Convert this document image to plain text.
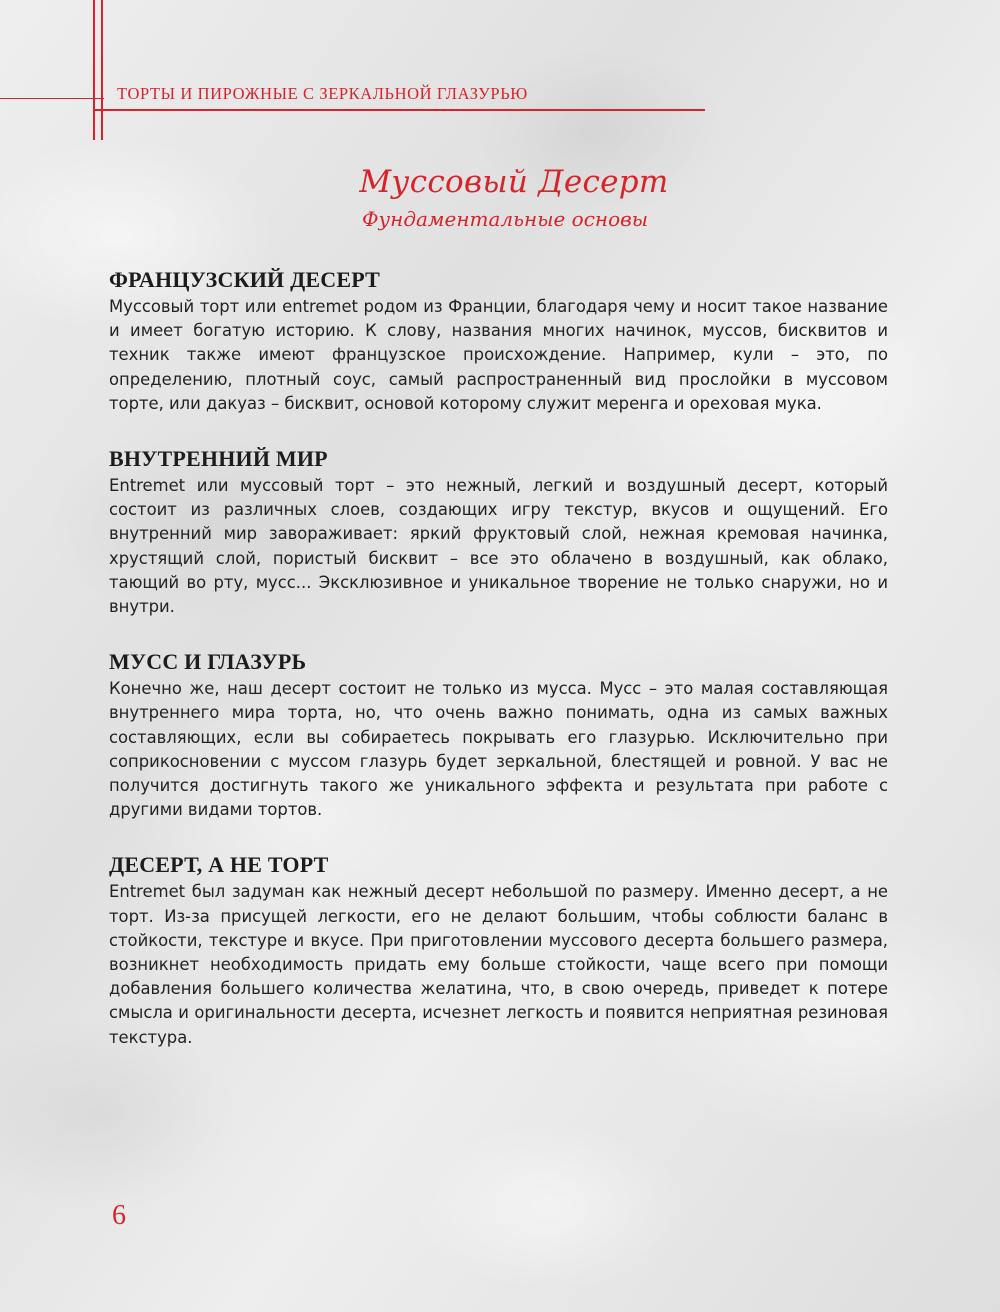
ТОРТЫ И ПИРОЖНЫЕ С ЗЕРКАЛЬНОЙ ГЛАЗУРЬЮ
Муссовый Десерт
Фундаментальные основы
ФРАНЦУЗСКИЙ ДЕСЕРТ

Муссовый торт или entremet родом из Франции, благодаря чему и носит такое название и имеет богатую историю. К слову, названия многих начинок, муссов, бисквитов и техник также имеют французское происхождение. Например, кули – это, по определению, плотный соус, самый распространенный вид прослойки в муссовом торте, или дакуаз – бисквит, основой которому служит меренга и ореховая мука.

ВНУТРЕННИЙ МИР

Entremet или муссовый торт – это нежный, легкий и воздушный десерт, который состоит из различных слоев, создающих игру текстур, вкусов и ощущений. Его внутренний мир завораживает: яркий фруктовый слой, нежная кремовая начинка, хрустящий слой, пористый бисквит – все это облачено в воздушный, как облако, тающий во рту, мусс... Эксклюзивное и уникальное творение не только снаружи, но и внутри.

МУСС И ГЛАЗУРЬ

Конечно же, наш десерт состоит не только из мусса. Мусс – это малая составляющая внутреннего мира торта, но, что очень важно понимать, одна из самых важных составляющих, если вы собираетесь покрывать его глазурью. Исключительно при соприкосновении с муссом глазурь будет зеркальной, блестящей и ровной. У вас не получится достигнуть такого же уникального эффекта и результата при работе с другими видами тортов.

ДЕСЕРТ, А НЕ ТОРТ

Entremet был задуман как нежный десерт небольшой по размеру. Именно десерт, а не торт. Из-за присущей легкости, его не делают большим, чтобы соблюсти баланс в стойкости, текстуре и вкусе. При приготовлении муссового десерта большего размера, возникнет необходимость придать ему больше стойкости, чаще всего при помощи добавления большего количества желатина, что, в свою очередь, приведет к потере смысла и оригинальности десерта, исчезнет легкость и появится неприятная резиновая текстура.

6
